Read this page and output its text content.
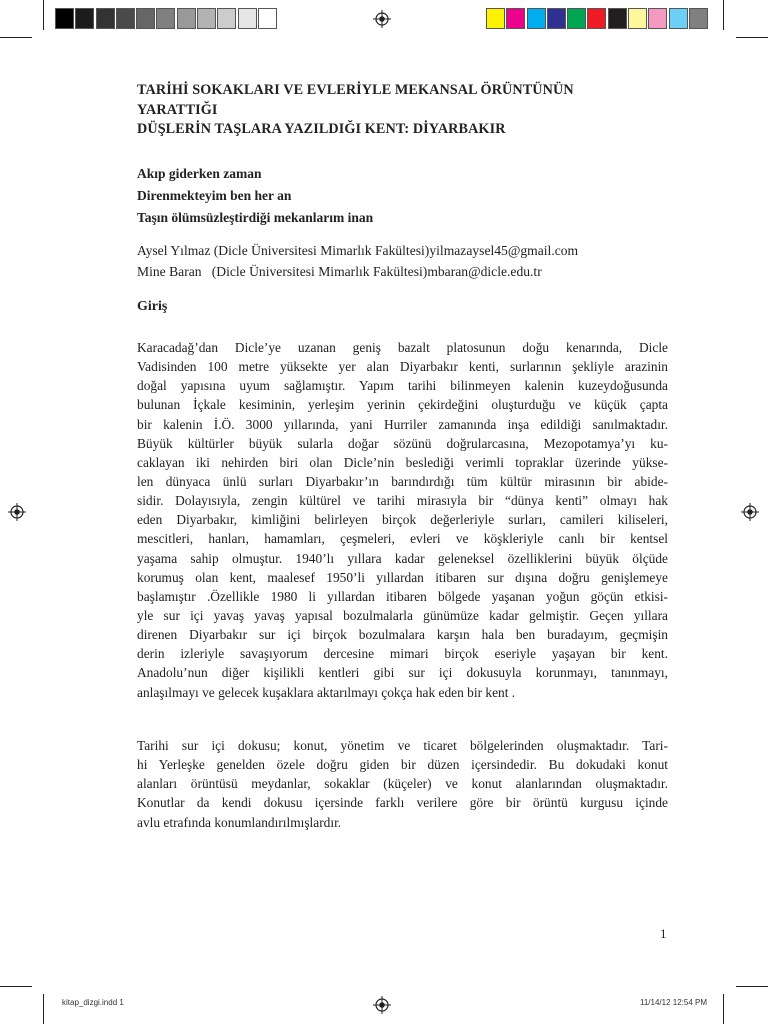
TARİHİ SOKAKLARI VE EVLERİYLE MEKANSAL ÖRÜNTÜNÜN
YARATTIĞI
DÜŞLERİN TAŞLARA YAZILDIĞI KENT: DİYARBAKIR
Akıp giderken zaman
Direnmekteyim ben her an
Taşın ölümsüzleştirdiği mekanlarım inan
Aysel Yılmaz (Dicle Üniversitesi Mimarlık Fakültesi)yilmazaysel45@gmail.com
Mine Baran   (Dicle Üniversitesi Mimarlık Fakültesi)mbaran@dicle.edu.tr
Giriş
Karacadağ’dan Dicle’ye uzanan geniş bazalt platosunun doğu kenarında, Dicle
Vadisinden 100 metre yüksekte yer alan Diyarbakır kenti, surlarının şekliyle arazinin
doğal yapısına uyum sağlamıştır. Yapım tarihi bilinmeyen kalenin kuzeydoğusunda
bulunan İçkale kesiminin, yerleşim yerinin çekirdeğini oluşturduğu ve küçük çapta
bir kalenin İ.Ö. 3000 yıllarında, yani Hurriler zamanında inşa edildiği sanılmaktadır.
Büyük kültürler büyük sularla doğar sözünü doğrularcasına, Mezopotamya’yı ku-
caklayan iki nehirden biri olan Dicle’nin beslediği verimli topraklar üzerinde yükse-
len dünyaca ünlü surları Diyarbakır’ın barındırdığı tüm kültür mirasının bir abide-
sidir. Dolayısıyla, zengin kültürel ve tarihi mirasıyla bir “dünya kenti” olmayı hak
eden Diyarbakır, kimliğini belirleyen birçok değerleriyle surları, camileri kiliseleri,
mescitleri, hanları, hamamları, çeşmeleri, evleri ve köşkleriyle canlı bir kentsel
yaşama sahip olmuştur. 1940’lı yıllara kadar geleneksel özelliklerini büyük ölçüde
korumuş olan kent, maalesef 1950’li yıllardan itibaren sur dışına doğru genişlemeye
başlamıştır .Özellikle 1980 li yıllardan itibaren bölgede yaşanan yoğun göçün etkisi-
yle sur içi yavaş yavaş yapısal bozulmalarla günümüze kadar gelmiştir. Geçen yıllara
direnen Diyarbakır sur içi birçok bozulmalara karşın hala ben buradayım, geçmişin
derin izleriyle savaşıyorum dercesine mimari birçok eseriyle yaşayan bir kent.
Anadolu’nun diğer kişilikli kentleri gibi sur içi dokusuyla korunmayı, tanınmayı,
anlaşılmayı ve gelecek kuşaklara aktarılmayı çokça hak eden bir kent .
Tarihi sur içi dokusu; konut, yönetim ve ticaret bölgelerinden oluşmaktadır. Tari-
hi Yerleşke genelden özele doğru giden bir düzen içersindedir. Bu dokudaki konut
alanları örüntüsü meydanlar, sokaklar (küçeler) ve konut alanlarından oluşmaktadır.
Konutlar da kendi dokusu içersinde farklı verilere göre bir örüntü kurgusu içinde
avlu etrafında konumlandırılmışlardır.
1
kitap_dizgi.indd 1	11/14/12 12:54 PM
